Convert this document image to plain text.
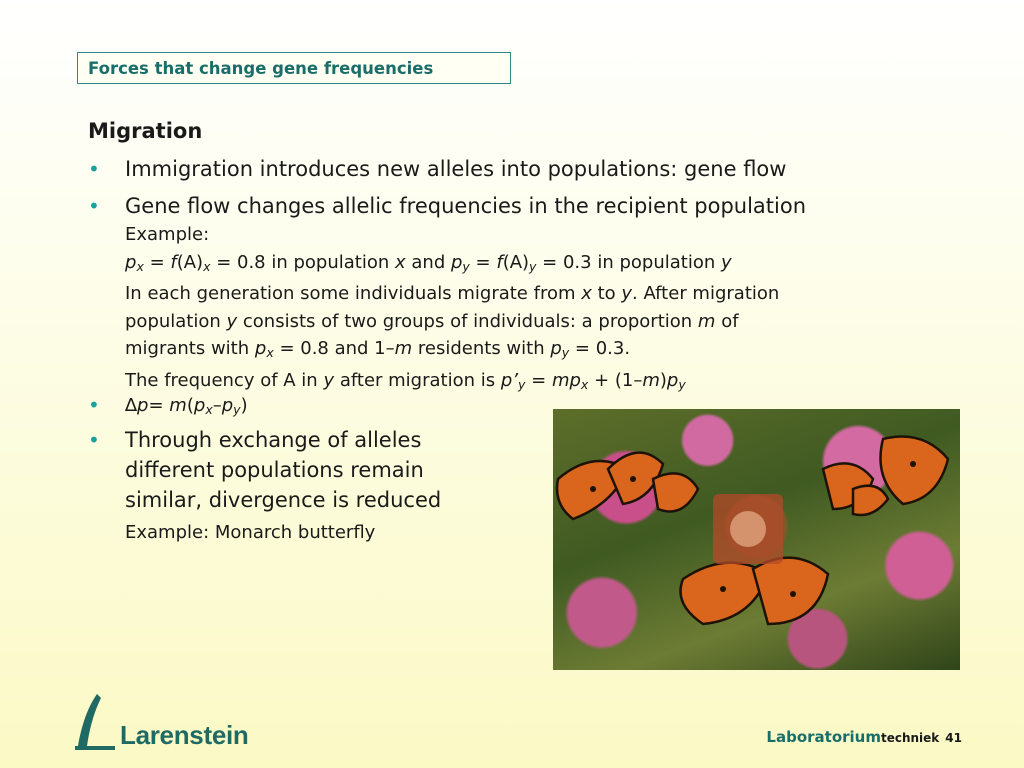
Forces that change gene frequencies
Migration
• Immigration introduces new alleles into populations: gene flow
• Gene flow changes allelic frequencies in the recipient population
Example:
$p_x = f(A)_x = 0.8$ in population x and $p_y = f(A)_y = 0.3$ in population y
In each generation some individuals migrate from x to y. After migration
population y consists of two groups of individuals: a proportion m of
migrants with $p_x = 0.8$ and 1–m residents with $p_y = 0.3$.
The frequency of A in y after migration is $p’_y = mp_x + (1-m)p_y$
• $\Delta p= m(p_x-p_y)$
• Through exchange of alleles
different populations remain
similar, divergence is reduced
Example: Monarch butterfly
Larenstein	Laboratoriumtechniek 41
